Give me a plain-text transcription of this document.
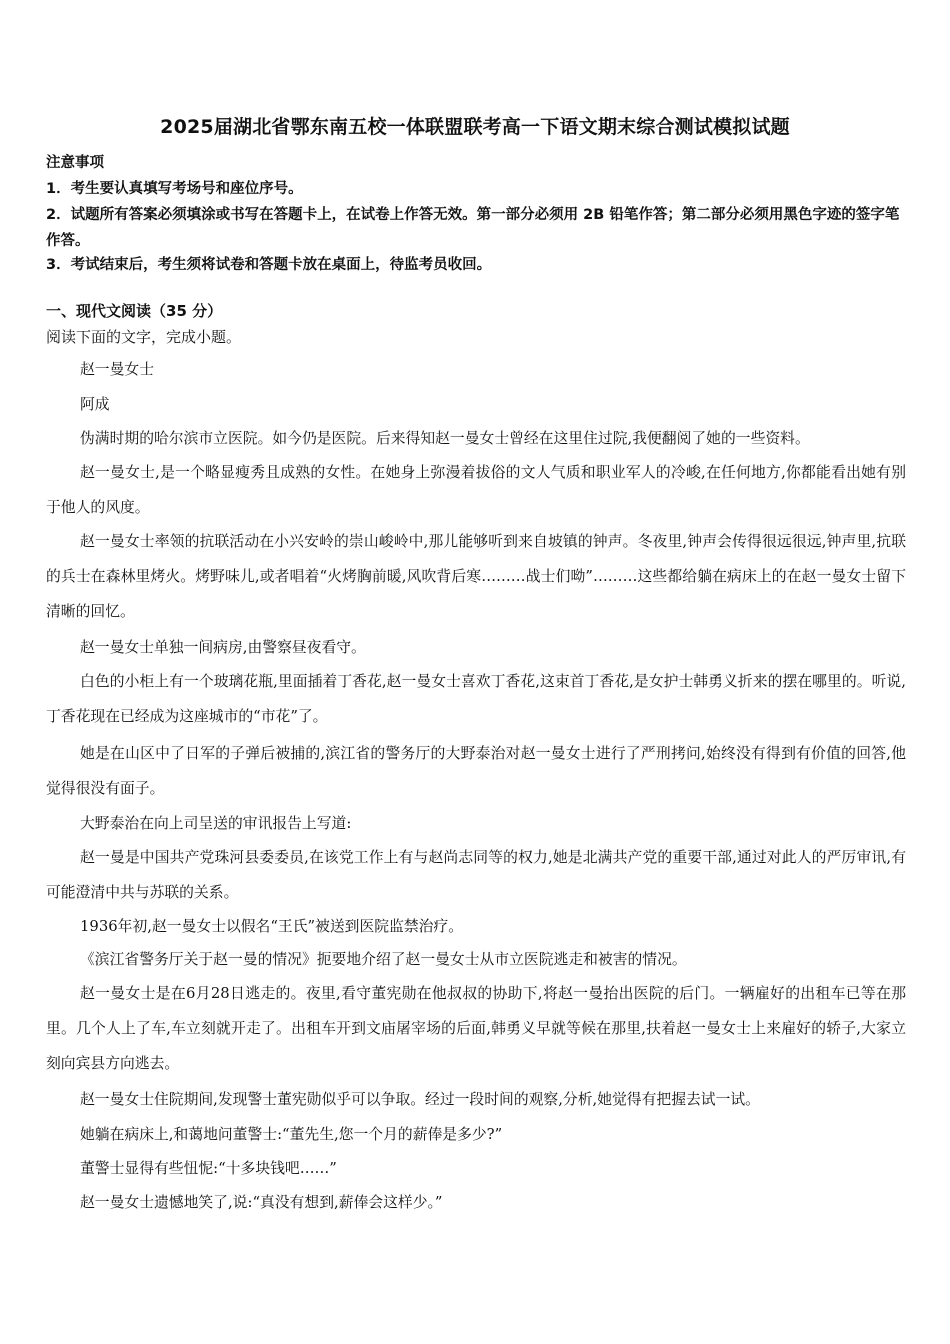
2025届湖北省鄂东南五校一体联盟联考高一下语文期末综合测试模拟试题
注意事项
1．考生要认真填写考场号和座位序号。
2．试题所有答案必须填涂或书写在答题卡上，在试卷上作答无效。第一部分必须用 2B 铅笔作答；第二部分必须用黑色字迹的签字笔作答。
3．考试结束后，考生须将试卷和答题卡放在桌面上，待监考员收回。
一、现代文阅读（35 分）
阅读下面的文字，完成小题。
赵一曼女士
阿成
伪满时期的哈尔滨市立医院。如今仍是医院。后来得知赵一曼女士曾经在这里住过院,我便翻阅了她的一些资料。
赵一曼女士,是一个略显瘦秀且成熟的女性。在她身上弥漫着拔俗的文人气质和职业军人的冷峻,在任何地方,你都能看出她有别于他人的风度。
赵一曼女士率领的抗联活动在小兴安岭的崇山峻岭中,那儿能够听到来自坡镇的钟声。冬夜里,钟声会传得很远很远,钟声里,抗联的兵士在森林里烤火。烤野味儿,或者唱着“火烤胸前暖,风吹背后寒………战士们呦”………这些都给躺在病床上的在赵一曼女士留下清晰的回忆。
赵一曼女士单独一间病房,由警察昼夜看守。
白色的小柜上有一个玻璃花瓶,里面插着丁香花,赵一曼女士喜欢丁香花,这束首丁香花,是女护士韩勇义折来的摆在哪里的。听说,丁香花现在已经成为这座城市的“市花”了。
她是在山区中了日军的子弹后被捕的,滨江省的警务厅的大野泰治对赵一曼女士进行了严刑拷问,始终没有得到有价值的回答,他觉得很没有面子。
大野泰治在向上司呈送的审讯报告上写道:
赵一曼是中国共产党珠河县委委员,在该党工作上有与赵尚志同等的权力,她是北满共产党的重要干部,通过对此人的严厉审讯,有可能澄清中共与苏联的关系。
1936年初,赵一曼女士以假名“王氏”被送到医院监禁治疗。
《滨江省警务厅关于赵一曼的情况》扼要地介绍了赵一曼女士从市立医院逃走和被害的情况。
赵一曼女士是在6月28日逃走的。夜里,看守董宪勋在他叔叔的协助下,将赵一曼抬出医院的后门。一辆雇好的出租车已等在那里。几个人上了车,车立刻就开走了。出租车开到文庙屠宰场的后面,韩勇义早就等候在那里,扶着赵一曼女士上来雇好的轿子,大家立刻向宾县方向逃去。
赵一曼女士住院期间,发现警士董宪勋似乎可以争取。经过一段时间的观察,分析,她觉得有把握去试一试。
她躺在病床上,和蔼地问董警士:“董先生,您一个月的薪俸是多少?”
董警士显得有些忸怩:“十多块钱吧……”
赵一曼女士遗憾地笑了,说:“真没有想到,薪俸会这样少。”
